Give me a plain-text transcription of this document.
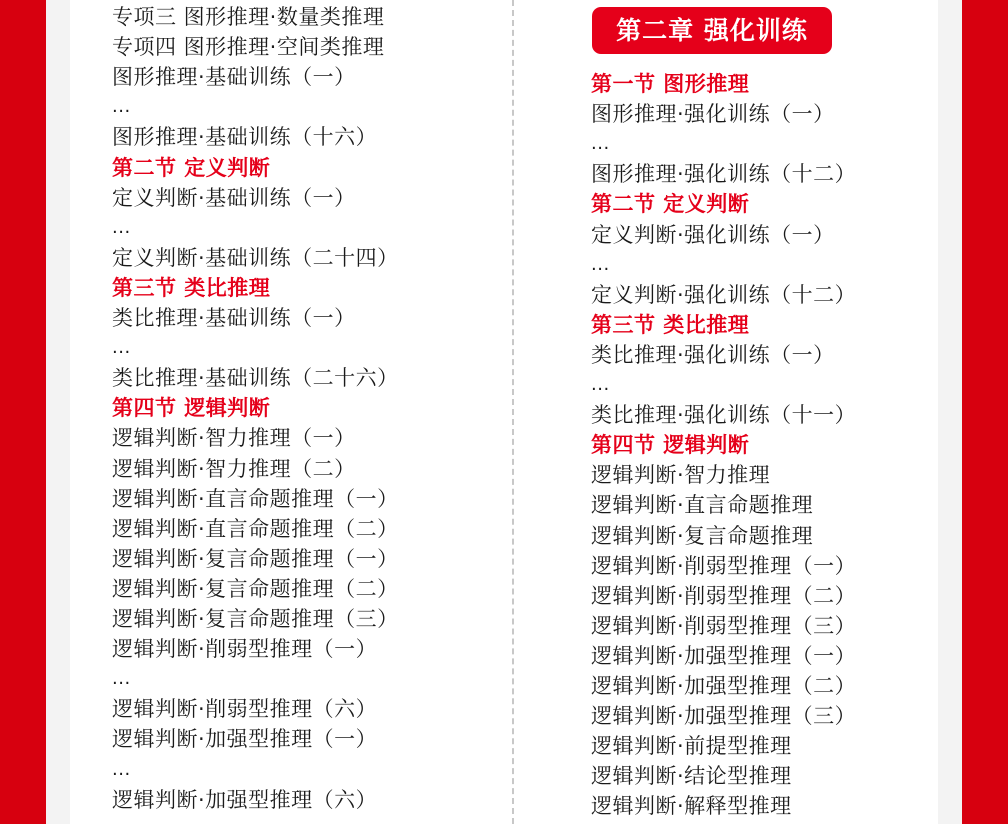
专项三 图形推理·数量类推理
专项四 图形推理·空间类推理
图形推理·基础训练（一）
...
图形推理·基础训练（十六）
第二节 定义判断
定义判断·基础训练（一）
...
定义判断·基础训练（二十四）
第三节 类比推理
类比推理·基础训练（一）
...
类比推理·基础训练（二十六）
第四节 逻辑判断
逻辑判断·智力推理（一）
逻辑判断·智力推理（二）
逻辑判断·直言命题推理（一）
逻辑判断·直言命题推理（二）
逻辑判断·复言命题推理（一）
逻辑判断·复言命题推理（二）
逻辑判断·复言命题推理（三）
逻辑判断·削弱型推理（一）
...
逻辑判断·削弱型推理（六）
逻辑判断·加强型推理（一）
...
逻辑判断·加强型推理（六）
第二章 强化训练
第一节 图形推理
图形推理·强化训练（一）
...
图形推理·强化训练（十二）
第二节 定义判断
定义判断·强化训练（一）
...
定义判断·强化训练（十二）
第三节 类比推理
类比推理·强化训练（一）
...
类比推理·强化训练（十一）
第四节 逻辑判断
逻辑判断·智力推理
逻辑判断·直言命题推理
逻辑判断·复言命题推理
逻辑判断·削弱型推理（一）
逻辑判断·削弱型推理（二）
逻辑判断·削弱型推理（三）
逻辑判断·加强型推理（一）
逻辑判断·加强型推理（二）
逻辑判断·加强型推理（三）
逻辑判断·前提型推理
逻辑判断·结论型推理
逻辑判断·解释型推理
